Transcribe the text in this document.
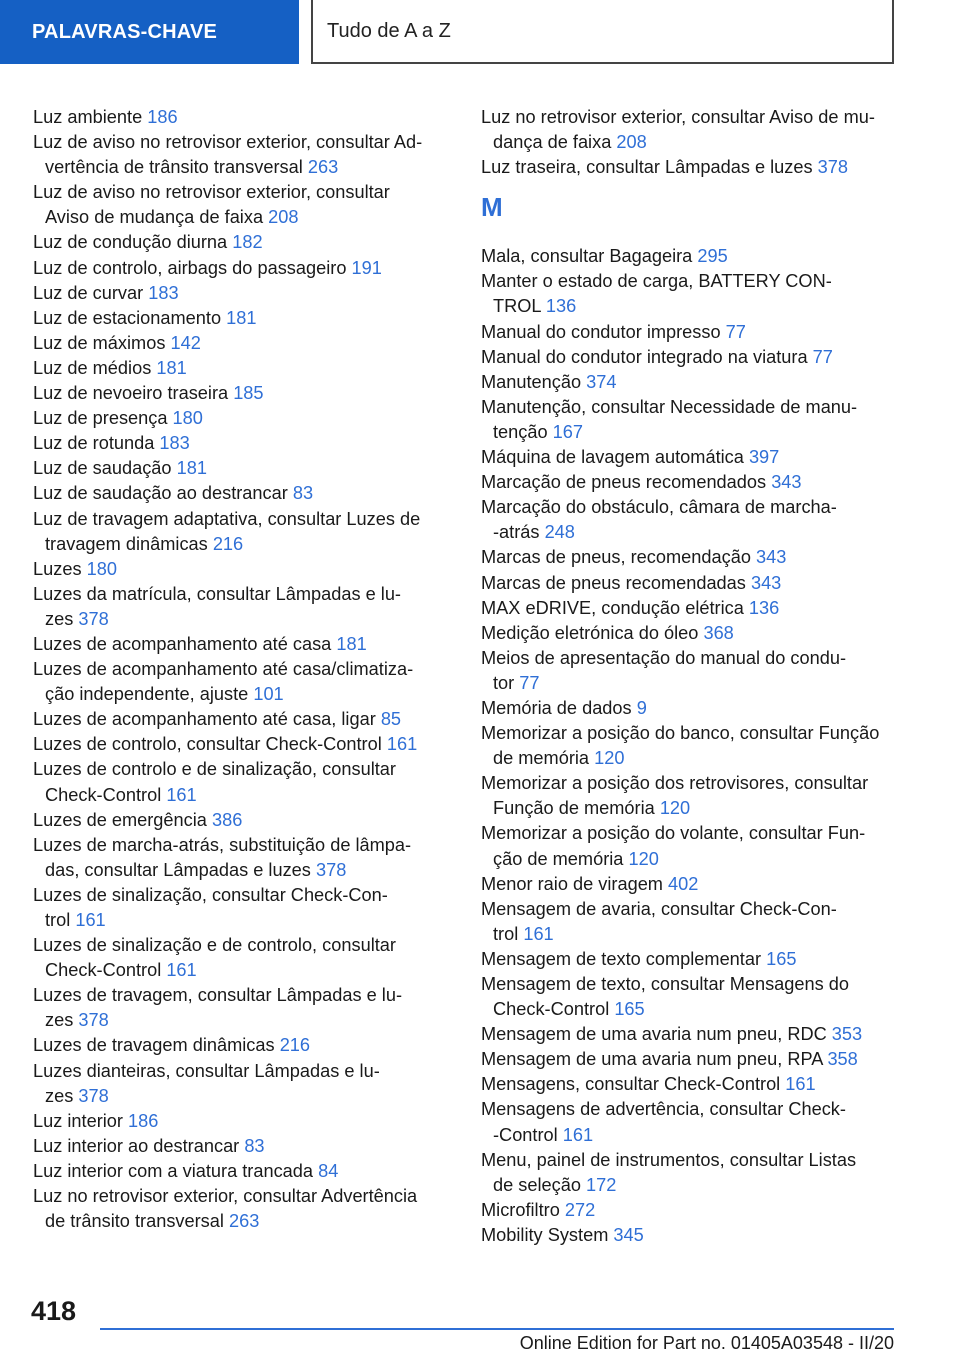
PALAVRAS-CHAVE	Tudo de A a Z
Luz ambiente 186
Luz de aviso no retrovisor exterior, consultar Ad-
vertência de trânsito transversal 263
Luz de aviso no retrovisor exterior, consultar
Aviso de mudança de faixa 208
Luz de condução diurna 182
Luz de controlo, airbags do passageiro 191
Luz de curvar 183
Luz de estacionamento 181
Luz de máximos 142
Luz de médios 181
Luz de nevoeiro traseira 185
Luz de presença 180
Luz de rotunda 183
Luz de saudação 181
Luz de saudação ao destrancar 83
Luz de travagem adaptativa, consultar Luzes de
travagem dinâmicas 216
Luzes 180
Luzes da matrícula, consultar Lâmpadas e lu-
zes 378
Luzes de acompanhamento até casa 181
Luzes de acompanhamento até casa/climatiza-
ção independente, ajuste 101
Luzes de acompanhamento até casa, ligar 85
Luzes de controlo, consultar Check-Control 161
Luzes de controlo e de sinalização, consultar
Check-Control 161
Luzes de emergência 386
Luzes de marcha-atrás, substituição de lâmpa-
das, consultar Lâmpadas e luzes 378
Luzes de sinalização, consultar Check-Con-
trol 161
Luzes de sinalização e de controlo, consultar
Check-Control 161
Luzes de travagem, consultar Lâmpadas e lu-
zes 378
Luzes de travagem dinâmicas 216
Luzes dianteiras, consultar Lâmpadas e lu-
zes 378
Luz interior 186
Luz interior ao destrancar 83
Luz interior com a viatura trancada 84
Luz no retrovisor exterior, consultar Advertência
de trânsito transversal 263
Luz no retrovisor exterior, consultar Aviso de mu-
dança de faixa 208
Luz traseira, consultar Lâmpadas e luzes 378
M
Mala, consultar Bagageira 295
Manter o estado de carga, BATTERY CON-
TROL 136
Manual do condutor impresso 77
Manual do condutor integrado na viatura 77
Manutenção 374
Manutenção, consultar Necessidade de manu-
tenção 167
Máquina de lavagem automática 397
Marcação de pneus recomendados 343
Marcação do obstáculo, câmara de marcha-
-atrás 248
Marcas de pneus, recomendação 343
Marcas de pneus recomendadas 343
MAX eDRIVE, condução elétrica 136
Medição eletrónica do óleo 368
Meios de apresentação do manual do condu-
tor 77
Memória de dados 9
Memorizar a posição do banco, consultar Função
de memória 120
Memorizar a posição dos retrovisores, consultar
Função de memória 120
Memorizar a posição do volante, consultar Fun-
ção de memória 120
Menor raio de viragem 402
Mensagem de avaria, consultar Check-Con-
trol 161
Mensagem de texto complementar 165
Mensagem de texto, consultar Mensagens do
Check-Control 165
Mensagem de uma avaria num pneu, RDC 353
Mensagem de uma avaria num pneu, RPA 358
Mensagens, consultar Check-Control 161
Mensagens de advertência, consultar Check-
-Control 161
Menu, painel de instrumentos, consultar Listas
de seleção 172
Microfiltro 272
Mobility System 345
418
Online Edition for Part no. 01405A03548 - II/20
